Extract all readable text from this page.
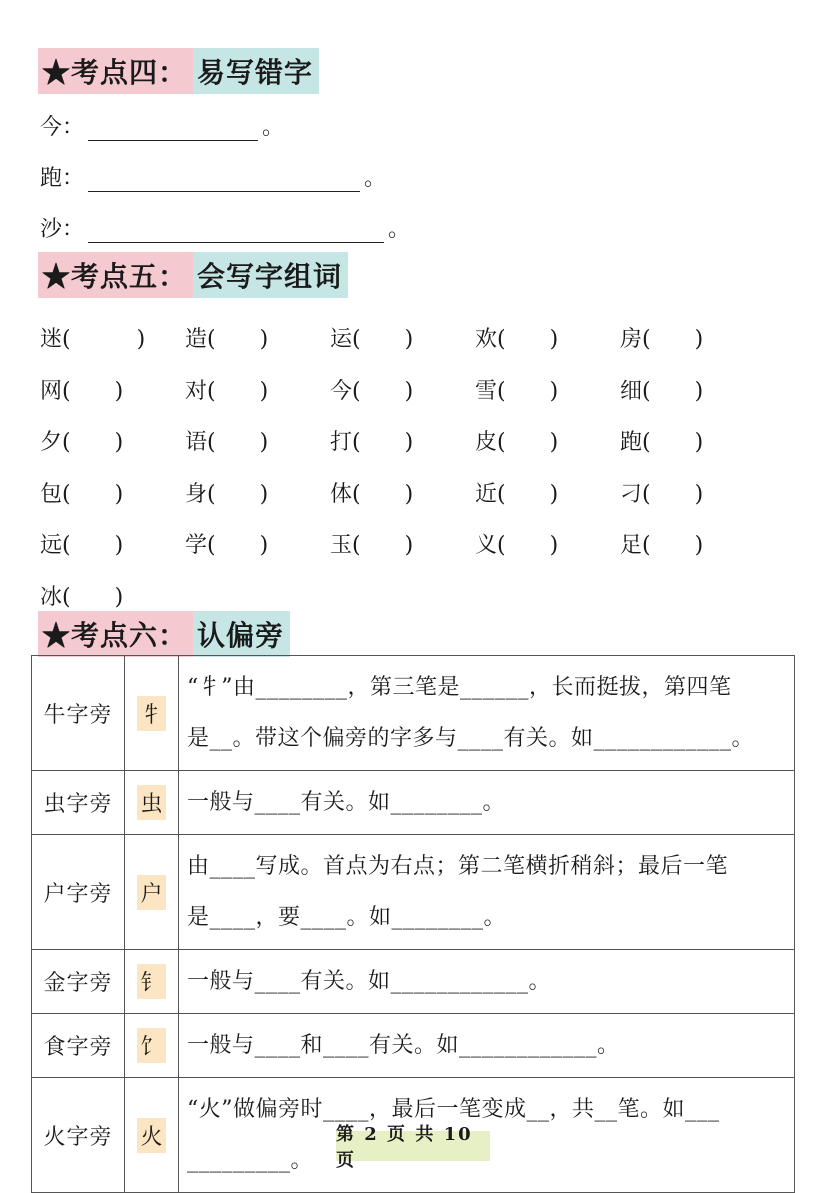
★考点四： 易写错字
今：	。
跑：	。
沙：	。
★考点五： 会写字组词
迷(　　　)	造(　　)	运(　　)	欢(　　)	房(　　)
网(　　)	对(　　)	今(　　)	雪(　　)	细(　　)
夕(　　)	语(　　)	打(　　)	皮(　　)	跑(　　)
包(　　)	身(　　)	体(　　)	近(　　)	刁(　　)
远(　　)	学(　　)	玉(　　)	义(　　)	足(　　)
冰(　　)
★考点六： 认偏旁
牛字旁	牜	“牜”由________，第三笔是______，长而挺拔，第四笔
是__。带这个偏旁的字多与____有关。如____________。

虫字旁	虫	一般与____有关。如________。

户字旁	户	由____写成。首点为右点；第二笔横折稍斜；最后一笔
是____，要____。如________。

金字旁	钅	一般与____有关。如____________。

食字旁	饣	一般与____和____有关。如____________。

火字旁	火	“火”做偏旁时____，最后一笔变成__，共__笔。如___
_________。
第 2 页 共 10 页
